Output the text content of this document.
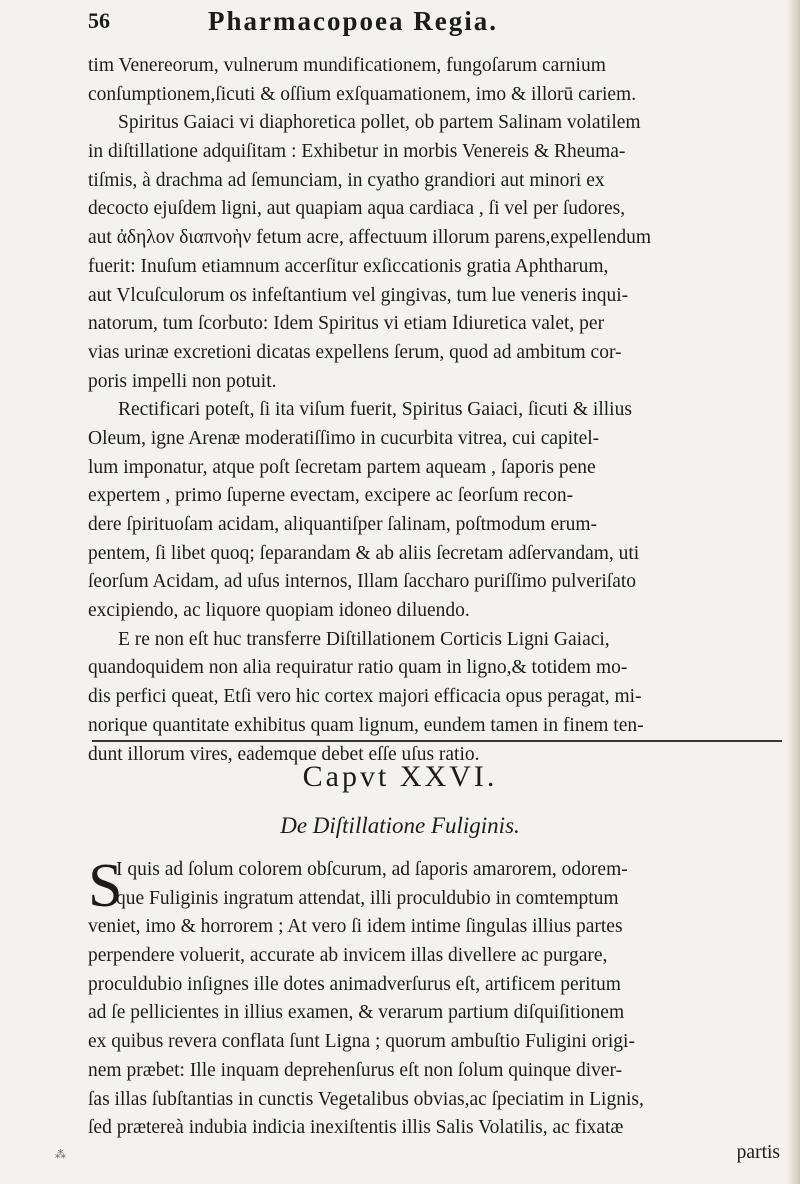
56	Pharmacopoea Regia.
tim Venereorum, vulnerum mundificationem, fungoſarum carnium
conſumptionem,ſicuti & oſſium exſquamationem, imo & illorū cariem.
Spiritus Gaiaci vi diaphoretica pollet, ob partem Salinam volatilem
in diſtillatione adquiſitam : Exhibetur in morbis Venereis & Rheuma-
tiſmis, à drachma ad ſemunciam, in cyatho grandiori aut minori ex
decocto ejuſdem ligni, aut quapiam aqua cardiaca , ſi vel per ſudores,
aut ἀδηλον διαπνοὴν fetum acre, affectuum illorum parens,expellendum
fuerit: Inuſum etiamnum accerſitur exſiccationis gratia Aphtharum,
aut Vlcuſculorum os infeſtantium vel gingivas, tum lue veneris inqui-
natorum, tum ſcorbuto: Idem Spiritus vi etiam Idiuretica valet, per
vias urinæ excretioni dicatas expellens ſerum, quod ad ambitum cor-
poris impelli non potuit.
Rectificari poteſt, ſi ita viſum fuerit, Spiritus Gaiaci, ſicuti & illius
Oleum, igne Arenæ moderatiſſimo in cucurbita vitrea, cui capitel-
lum imponatur, atque poſt ſecretam partem aqueam , ſaporis pene
expertem , primo ſuperne evectam, excipere ac ſeorſum recon-
dere ſpirituoſam acidam, aliquantiſper ſalinam, poſtmodum erum-
pentem, ſi libet quoq; ſeparandam & ab aliis ſecretam adſervandam, uti
ſeorſum Acidam, ad uſus internos, Illam ſaccharo puriſſimo pulveriſato
excipiendo, ac liquore quopiam idoneo diluendo.
E re non eſt huc transferre Diſtillationem Corticis Ligni Gaiaci,
quandoquidem non alia requiratur ratio quam in ligno,& totidem mo-
dis perfici queat, Etſi vero hic cortex majori efficacia opus peragat, mi-
norique quantitate exhibitus quam lignum, eundem tamen in finem ten-
dunt illorum vires, eademque debet eſſe uſus ratio.
Capvt XXVI.
De Diſtillatione Fuliginis.
S
I quis ad ſolum colorem obſcurum, ad ſaporis amarorem, odorem-
que Fuliginis ingratum attendat, illi proculdubio in comtemptum
veniet, imo & horrorem ; At vero ſi idem intime ſingulas illius partes
perpendere voluerit, accurate ab invicem illas divellere ac purgare,
proculdubio inſignes ille dotes animadverſurus eſt, artificem peritum
ad ſe pellicientes in illius examen, & verarum partium diſquiſitionem
ex quibus revera conflata ſunt Ligna ; quorum ambuſtio Fuligini origi-
nem præbet: Ille inquam deprehenſurus eſt non ſolum quinque diver-
ſas illas ſubſtantias in cunctis Vegetalibus obvias,ac ſpeciatim in Lignis,
ſed prætereà indubia indicia inexiſtentis illis Salis Volatilis, ac fixatæ
partis
⁂
